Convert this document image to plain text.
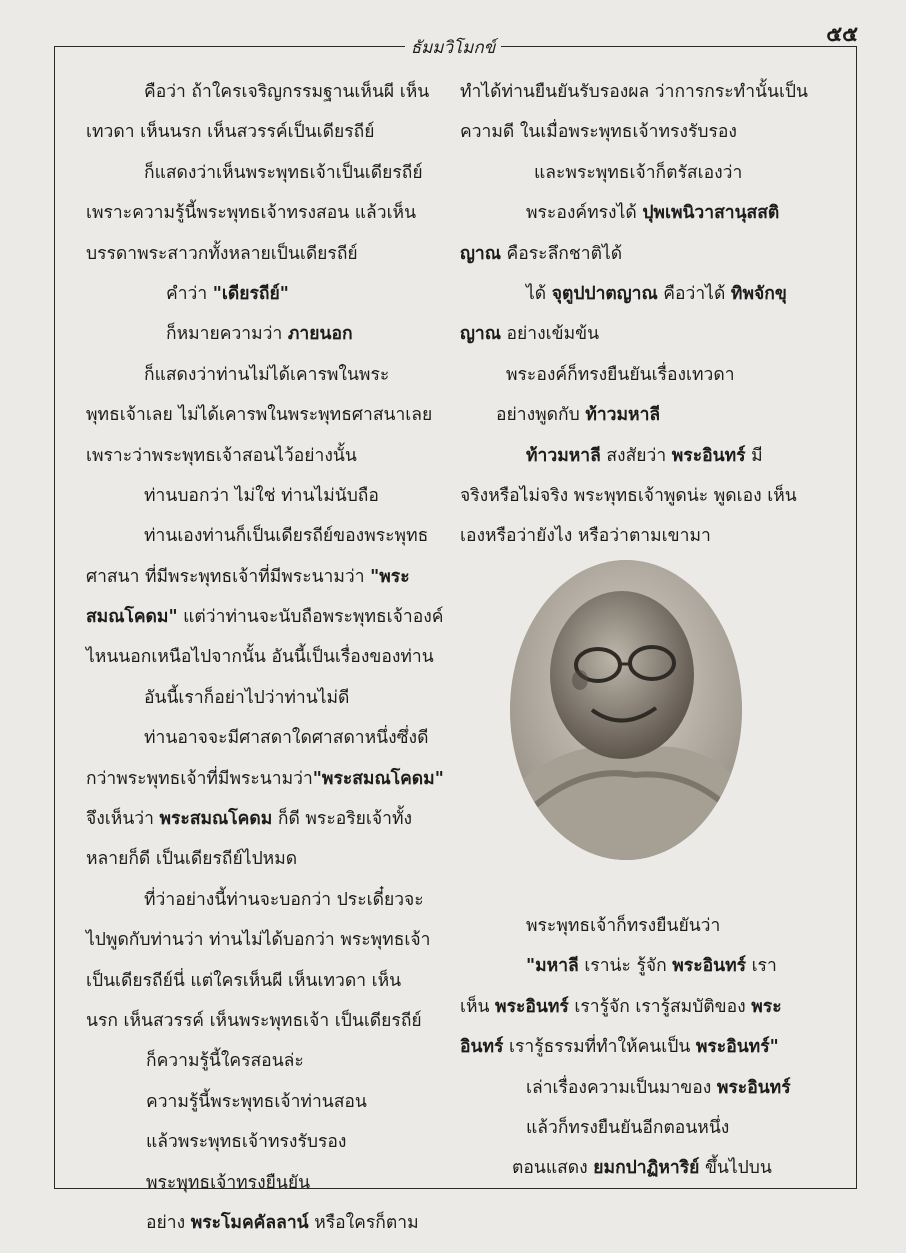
๕๕
ธัมมวิโมกข์
คือว่า ถ้าใครเจริญกรรมฐานเห็นผี เห็น
เทวดา เห็นนรก เห็นสวรรค์เป็นเดียรถีย์
ก็แสดงว่าเห็นพระพุทธเจ้าเป็นเดียรถีย์
เพราะความรู้นี้พระพุทธเจ้าทรงสอน แล้วเห็น
บรรดาพระสาวกทั้งหลายเป็นเดียรถีย์
คำว่า "เดียรถีย์"
ก็หมายความว่า ภายนอก
ก็แสดงว่าท่านไม่ได้เคารพในพระ
พุทธเจ้าเลย ไม่ได้เคารพในพระพุทธศาสนาเลย
เพราะว่าพระพุทธเจ้าสอนไว้อย่างนั้น
ท่านบอกว่า ไม่ใช่ ท่านไม่นับถือ
ท่านเองท่านก็เป็นเดียรถีย์ของพระพุทธ
ศาสนา ที่มีพระพุทธเจ้าที่มีพระนามว่า "พระ
สมณโคดม" แต่ว่าท่านจะนับถือพระพุทธเจ้าองค์
ไหนนอกเหนือไปจากนั้น อันนี้เป็นเรื่องของท่าน
อันนี้เราก็อย่าไปว่าท่านไม่ดี
ท่านอาจจะมีศาสดาใดศาสดาหนึ่งซึ่งดี
กว่าพระพุทธเจ้าที่มีพระนามว่า"พระสมณโคดม"
จึงเห็นว่า พระสมณโคดม ก็ดี พระอริยเจ้าทั้ง
หลายก็ดี เป็นเดียรถีย์ไปหมด
ที่ว่าอย่างนี้ท่านจะบอกว่า ประเดี๋ยวจะ
ไปพูดกับท่านว่า ท่านไม่ได้บอกว่า พระพุทธเจ้า
เป็นเดียรถีย์นี่ แต่ใครเห็นผี เห็นเทวดา เห็น
นรก เห็นสวรรค์ เห็นพระพุทธเจ้า เป็นเดียรถีย์
ก็ความรู้นี้ใครสอนล่ะ
ความรู้นี้พระพุทธเจ้าท่านสอน
แล้วพระพุทธเจ้าทรงรับรอง
พระพุทธเจ้าทรงยืนยัน
อย่าง พระโมคคัลลาน์ หรือใครก็ตาม
ทำได้ท่านยืนยันรับรองผล ว่าการกระทำนั้นเป็น
ความดี ในเมื่อพระพุทธเจ้าทรงรับรอง
และพระพุทธเจ้าก็ตรัสเองว่า
พระองค์ทรงได้ ปุพเพนิวาสานุสสติ
ญาณ คือระลึกชาติได้
ได้ จุตูปปาตญาณ คือว่าได้ ทิพจักขุ
ญาณ อย่างเข้มข้น
พระองค์ก็ทรงยืนยันเรื่องเทวดา
อย่างพูดกับ ท้าวมหาลี
ท้าวมหาลี สงสัยว่า พระอินทร์ มี
จริงหรือไม่จริง พระพุทธเจ้าพูดน่ะ พูดเอง เห็น
เองหรือว่ายังไง หรือว่าตามเขามา
พระพุทธเจ้าก็ทรงยืนยันว่า
"มหาลี เราน่ะ รู้จัก พระอินทร์ เรา
เห็น พระอินทร์ เรารู้จัก เรารู้สมบัติของ พระ
อินทร์ เรารู้ธรรมที่ทำให้คนเป็น พระอินทร์"
เล่าเรื่องความเป็นมาของ พระอินทร์
แล้วก็ทรงยืนยันอีกตอนหนึ่ง
ตอนแสดง ยมกปาฏิหาริย์ ขึ้นไปบน
